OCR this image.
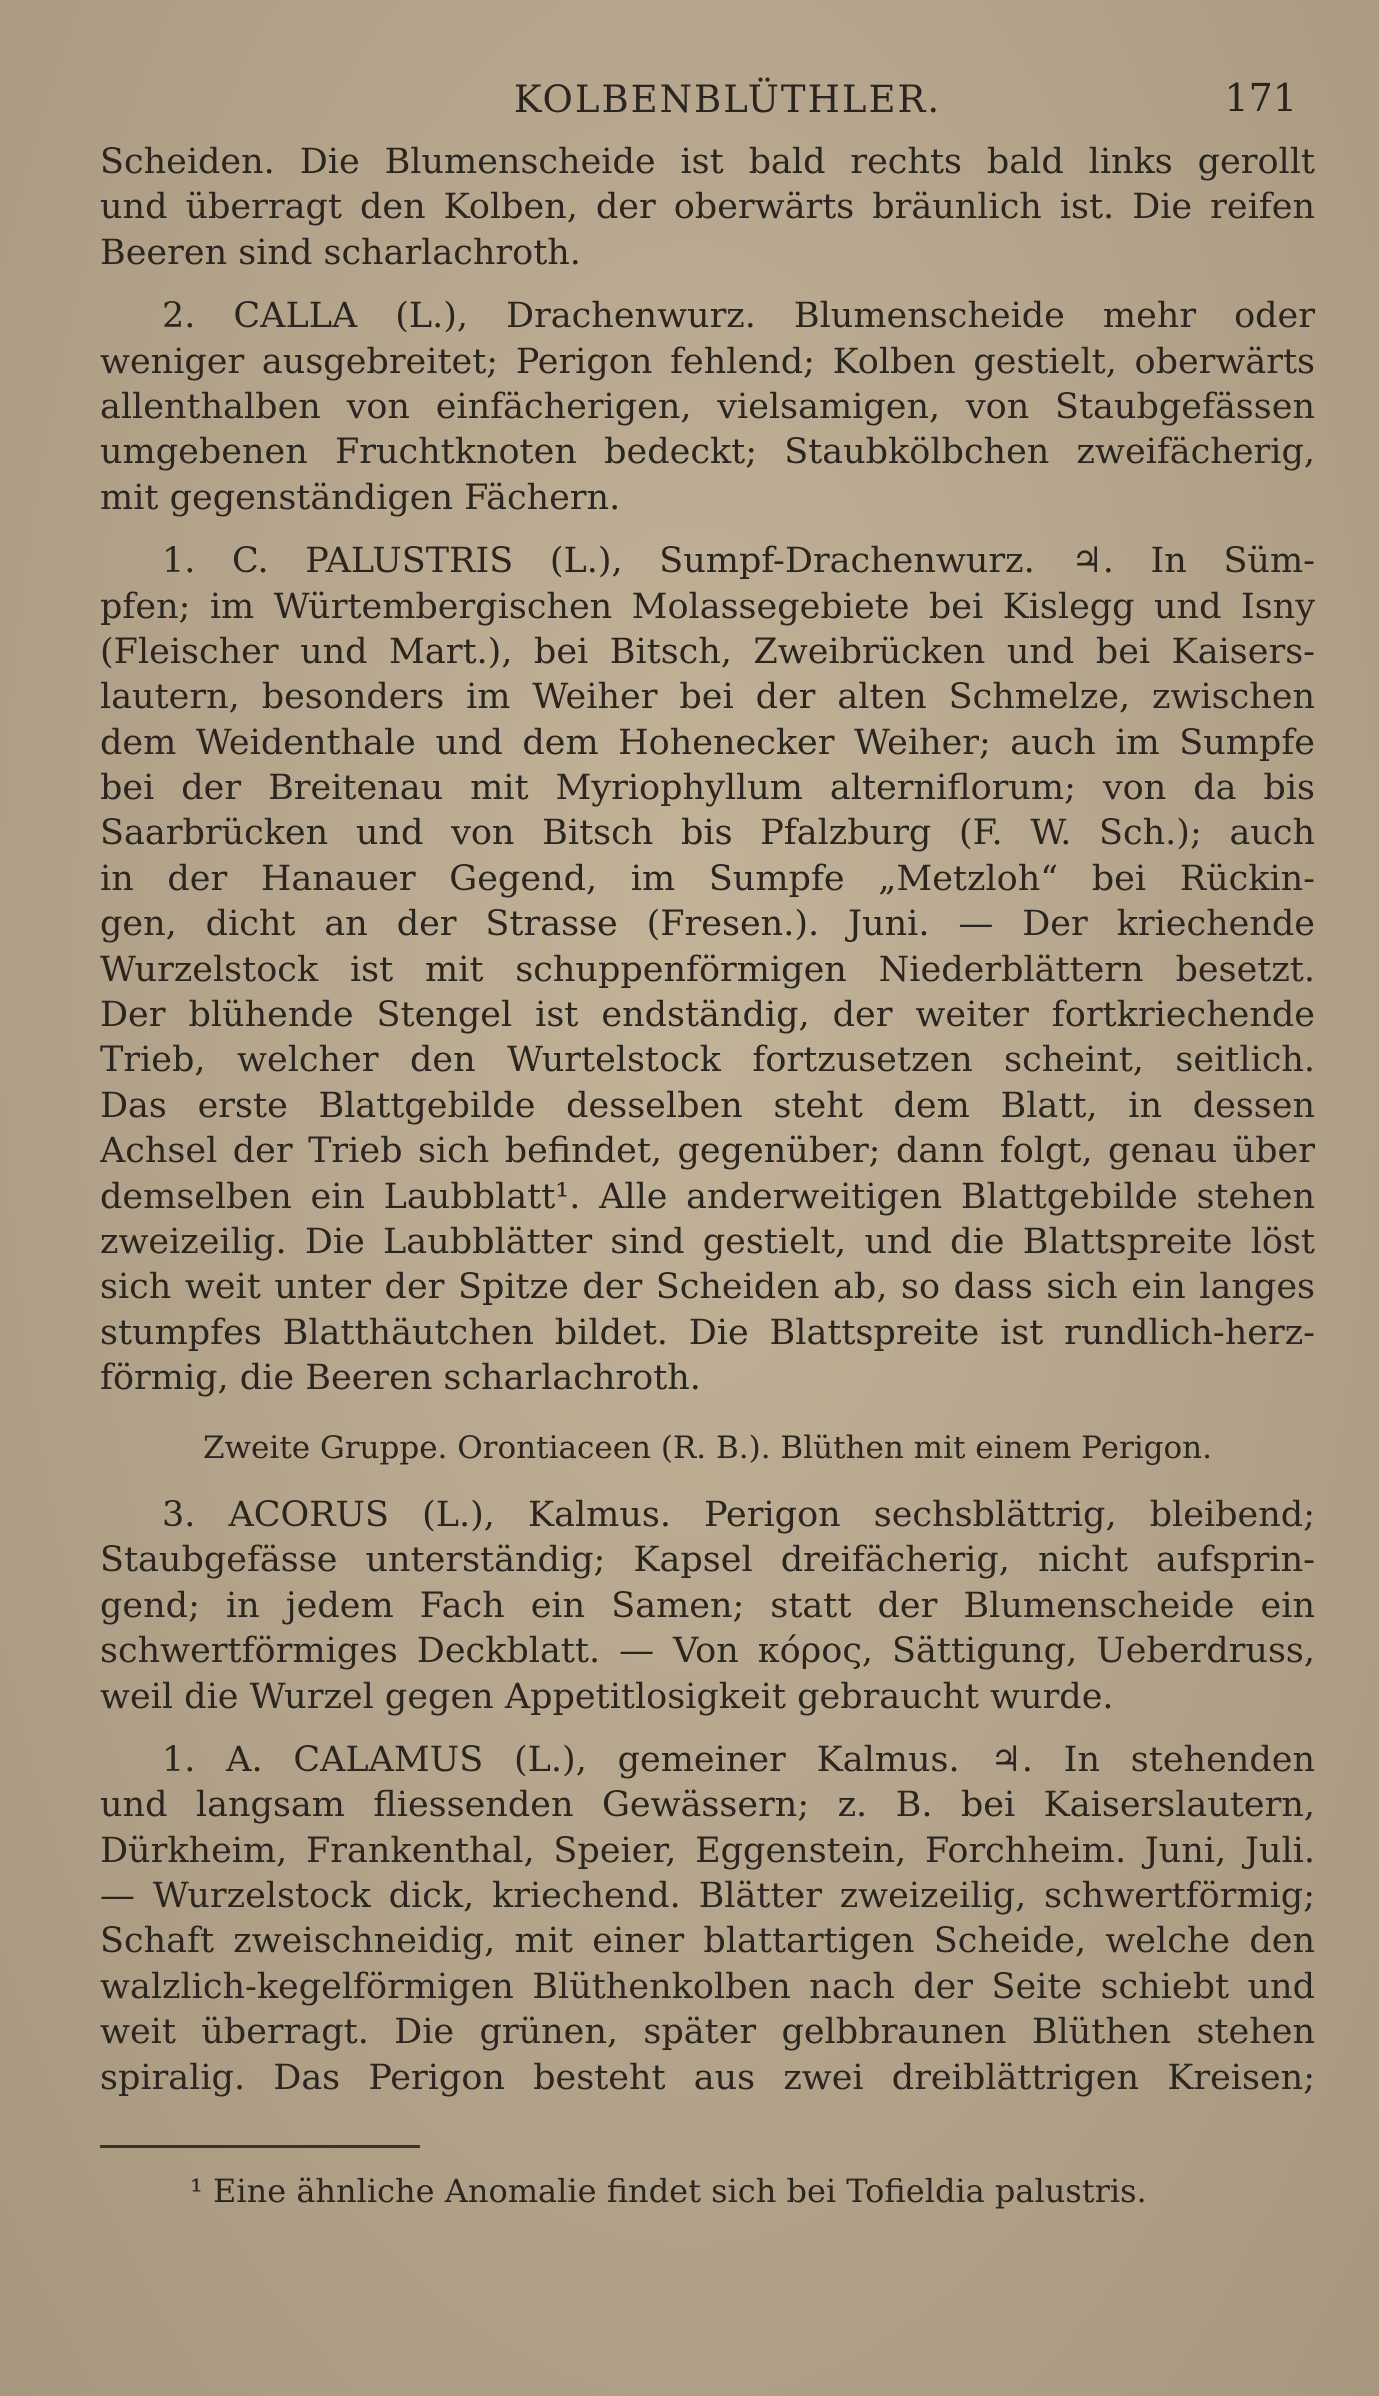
KOLBENBLÜTHLER.	171
Scheiden. Die Blumenscheide ist bald rechts bald links gerollt
und überragt den Kolben, der oberwärts bräunlich ist. Die reifen
Beeren sind scharlachroth.
2. CALLA (L.), Drachenwurz. Blumenscheide mehr oder
weniger ausgebreitet; Perigon fehlend; Kolben gestielt, oberwärts
allenthalben von einfächerigen, vielsamigen, von Staubgefässen
umgebenen Fruchtknoten bedeckt; Staubkölbchen zweifächerig,
mit gegenständigen Fächern.
1. C. PALUSTRIS (L.), Sumpf-Drachenwurz. ♃. In Süm-
pfen; im Würtembergischen Molassegebiete bei Kislegg und Isny
(Fleischer und Mart.), bei Bitsch, Zweibrücken und bei Kaisers-
lautern, besonders im Weiher bei der alten Schmelze, zwischen
dem Weidenthale und dem Hohenecker Weiher; auch im Sumpfe
bei der Breitenau mit Myriophyllum alterniflorum; von da bis
Saarbrücken und von Bitsch bis Pfalzburg (F. W. Sch.); auch
in der Hanauer Gegend, im Sumpfe „Metzloh“ bei Rückin-
gen, dicht an der Strasse (Fresen.). Juni. — Der kriechende
Wurzelstock ist mit schuppenförmigen Niederblättern besetzt.
Der blühende Stengel ist endständig, der weiter fortkriechende
Trieb, welcher den Wurtelstock fortzusetzen scheint, seitlich.
Das erste Blattgebilde desselben steht dem Blatt, in dessen
Achsel der Trieb sich befindet, gegenüber; dann folgt, genau über
demselben ein Laubblatt¹. Alle anderweitigen Blattgebilde stehen
zweizeilig. Die Laubblätter sind gestielt, und die Blattspreite löst
sich weit unter der Spitze der Scheiden ab, so dass sich ein langes
stumpfes Blatthäutchen bildet. Die Blattspreite ist rundlich-herz-
förmig, die Beeren scharlachroth.
Zweite Gruppe. Orontiaceen (R. B.). Blüthen mit einem Perigon.
3. ACORUS (L.), Kalmus. Perigon sechsblättrig, bleibend;
Staubgefässe unterständig; Kapsel dreifächerig, nicht aufsprin-
gend; in jedem Fach ein Samen; statt der Blumenscheide ein
schwertförmiges Deckblatt. — Von κόρος, Sättigung, Ueberdruss,
weil die Wurzel gegen Appetitlosigkeit gebraucht wurde.
1. A. CALAMUS (L.), gemeiner Kalmus. ♃. In stehenden
und langsam fliessenden Gewässern; z. B. bei Kaiserslautern,
Dürkheim, Frankenthal, Speier, Eggenstein, Forchheim. Juni, Juli.
— Wurzelstock dick, kriechend. Blätter zweizeilig, schwertförmig;
Schaft zweischneidig, mit einer blattartigen Scheide, welche den
walzlich-kegelförmigen Blüthenkolben nach der Seite schiebt und
weit überragt. Die grünen, später gelbbraunen Blüthen stehen
spiralig. Das Perigon besteht aus zwei dreiblättrigen Kreisen;
¹ Eine ähnliche Anomalie findet sich bei Tofieldia palustris.
